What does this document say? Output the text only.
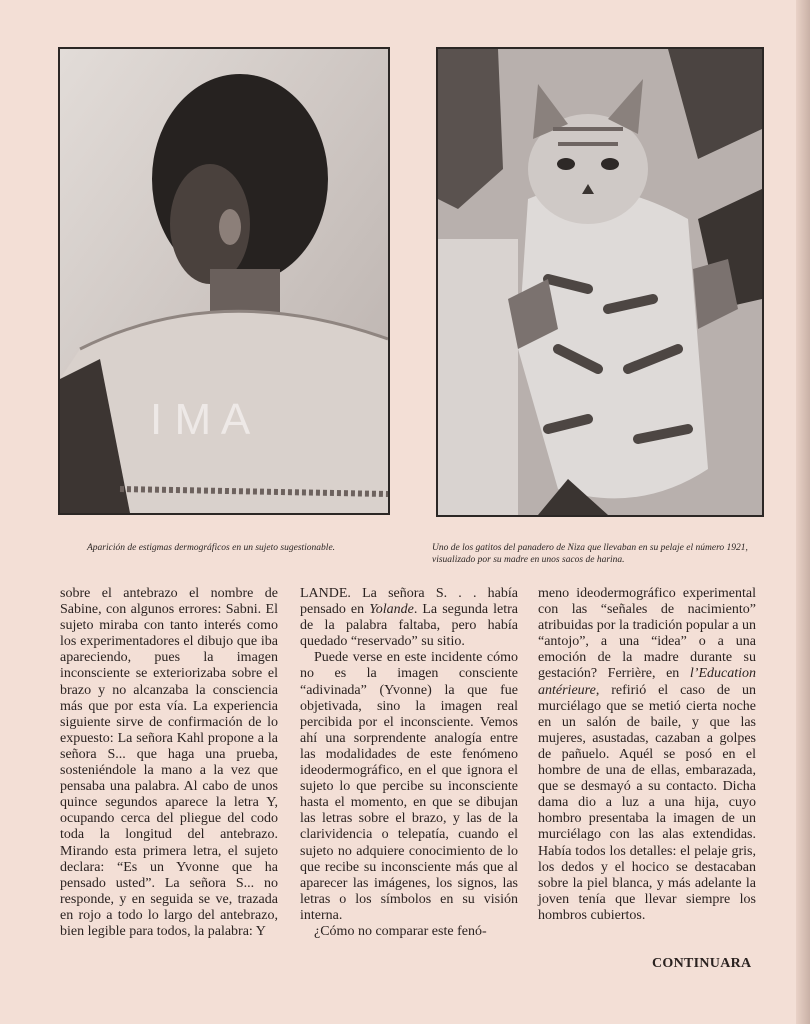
I M A
Aparición de estigmas dermográficos en un sujeto sugestionable.	Uno de los gatitos del panadero de Niza que llevaban en su pelaje el número 1921, visualizado por su madre en unos sacos de harina.

sobre el antebrazo el nombre de Sabine, con algunos errores: Sabni. El sujeto miraba con tanto interés como los experimentadores el dibujo que iba apareciendo, pues la imagen inconsciente se exteriorizaba sobre el brazo y no alcanzaba la consciencia más que por esta vía. La experiencia siguiente sirve de confirmación de lo expuesto: La señora Kahl propone a la señora S... que haga una prueba, sosteniéndole la mano a la vez que pensaba una palabra. Al cabo de unos quince segundos aparece la letra Y, ocupando cerca del pliegue del codo toda la longitud del antebrazo. Mirando esta primera letra, el sujeto declara: “Es un Yvonne que ha pensado usted”. La señora S... no responde, y en seguida se ve, trazada en rojo a todo lo largo del antebrazo, bien legible para todos, la palabra: Y

LANDE. La señora S. . . había pensado en Yolande. La segunda letra de la palabra faltaba, pero había quedado “reservado” su sitio.

Puede verse en este incidente cómo no es la imagen consciente “adivinada” (Yvonne) la que fue objetivada, sino la imagen real percibida por el inconsciente. Vemos ahí una sorprendente analogía entre las modalidades de este fenómeno ideodermográfico, en el que ignora el sujeto lo que percibe su inconsciente hasta el momento, en que se dibujan las letras sobre el brazo, y las de la clarividencia o telepatía, cuando el sujeto no adquiere conocimiento de lo que recibe su inconsciente más que al aparecer las imágenes, los signos, las letras o los símbolos en su visión interna.

¿Cómo no comparar este fenó-

meno ideodermográfico experimental con las “señales de nacimiento” atribuidas por la tradición popular a un “antojo”, a una “idea” o a una emoción de la madre durante su gestación? Ferrière, en l’Education antérieure, refirió el caso de un murciélago que se metió cierta noche en un salón de baile, y que las mujeres, asustadas, cazaban a golpes de pañuelo. Aquél se posó en el hombre de una de ellas, embarazada, que se desmayó a su contacto. Dicha dama dio a luz a una hija, cuyo hombro presentaba la imagen de un murciélago con las alas extendidas. Había todos los detalles: el pelaje gris, los dedos y el hocico se destacaban sobre la piel blanca, y más adelante la joven tenía que llevar siempre los hombros cubiertos.

CONTINUARA
